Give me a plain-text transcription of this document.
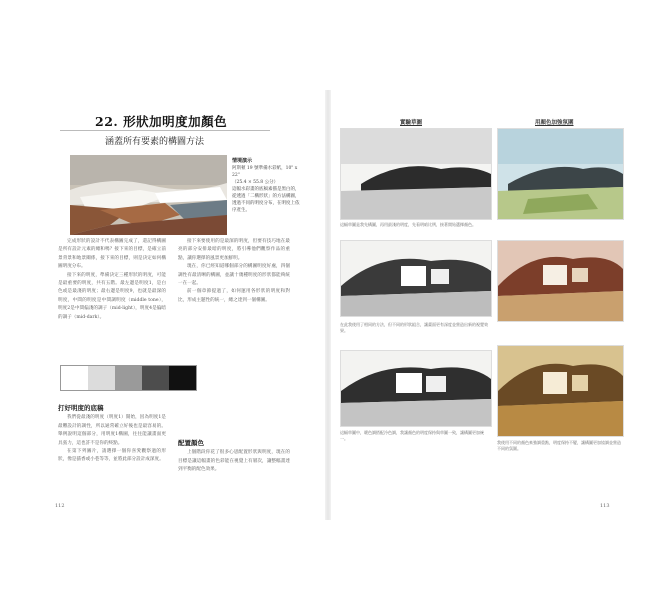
22. 形狀加明度加顏色
涵蓋所有要素的構圖方法
情境演示
阿斯頓 19 號準備水彩紙，10" x 22"
（25.4 × 55.8 公分）
這幅水彩畫的底稿素描是黑白的，從透過「二構形狀」的方法構圖，透過不同的明度分布，在明度上依序產生。

完成形狀的設計不代表構圖完成了，還記得構圖是所有設計元素的總和嗎？接下來的目標，是確立前景背景和地景關係，接下來的目標，則是決定如何構圖明度分布。

接下來的明度，準備決定三種形狀的明度，可能是最重要的明度，共有五階。最左邊是明度1，是白色或是最淺的明度；最右邊是明度9，也就是最深的明度，中間的明度是中間調明度（middle tone），明度2是中間偏淺的調子（mid-light），明度4是偏暗的調子（mid-dark）。

接下來要使用的是最深的明度，但要有技巧地在最亮的部分安排最暗的明度，將引導他們觀察作品的重點，讓你選擇的風景更加鮮明。

現在，你已經知道哪個部分的構圖明度好處，四個調性有最清晰的構圖，並讓十幾種明度的形狀都能夠統一在一起。

前一個章節提過了，如何運用各形狀的明度和對比，形成主題性的統一，總之達到一個構圖。

打好明度的底稿

我們從最淺的明度（明度1）開始，因為明度1是最難設計的調性，所以通常確立好後也是最容易的。舉例說明這個部分，用明度1構圖，往往能讓畫面更具張力，這也許不是你的終點。

在第下列圖片，請選擇一個你喜愛觀察過的形狀，像是貓香或小巷等等，並將此部分設計成深度。

配置顏色

上個階段你花了很多心思配置形狀與明度，現在的目標是讓這幅畫的色彩能在視覺上有層次，讓整幅畫達到平衡的配色效果。

112
實驗草圖	用顏色加強氛圍
這幅草圖是我先構圖，再用最淺的明度，先看明暗比例，接著開始選擇顏色。
在此我使用了相同的方法，但不同的形狀組合，讓畫面更有深度並營造出新的視覺效果。
這幅草圖中，暖色調搭配冷色調，我讓顏色的明度保持與草圖一致，讓構圖更加統一。
我使用不同的顏色來強調重點，明度保持不變，讓構圖更加協調並營造不同的氛圍。
113
